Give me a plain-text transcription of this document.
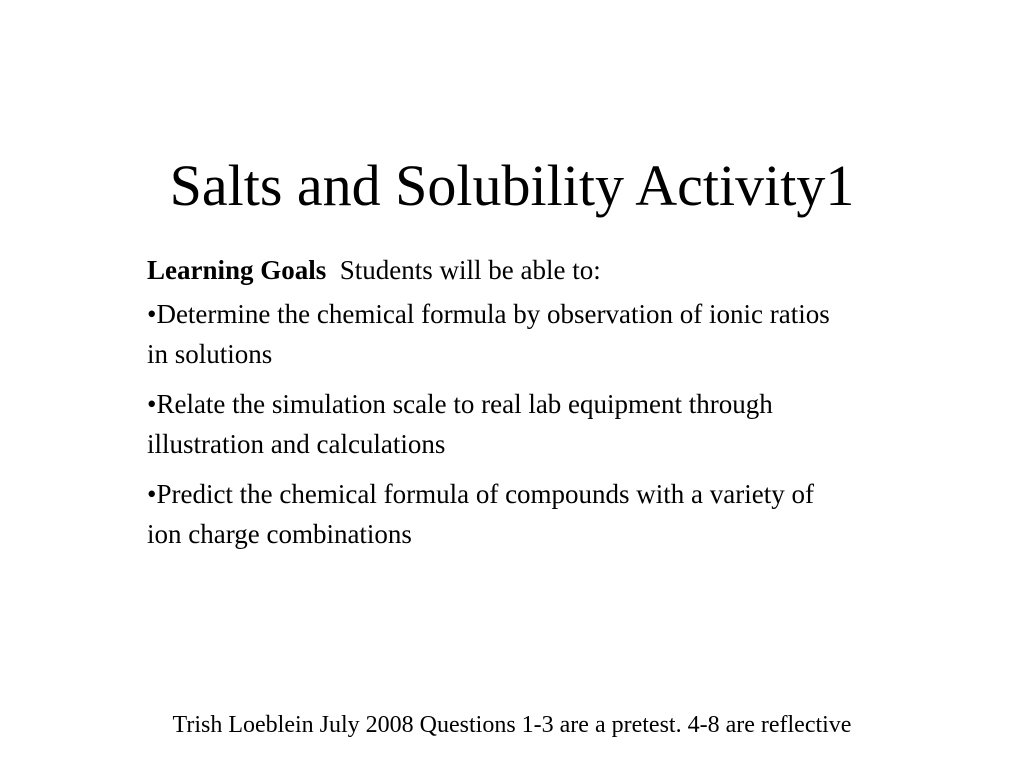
Salts and Solubility Activity1

Learning Goals Students will be able to:

•Determine the chemical formula by observation of ionic ratios in solutions

•Relate the simulation scale to real lab equipment through illustration and calculations

•Predict the chemical formula of compounds with a variety of ion charge combinations

Trish Loeblein July 2008 Questions 1-3 are a pretest. 4-8 are reflective
